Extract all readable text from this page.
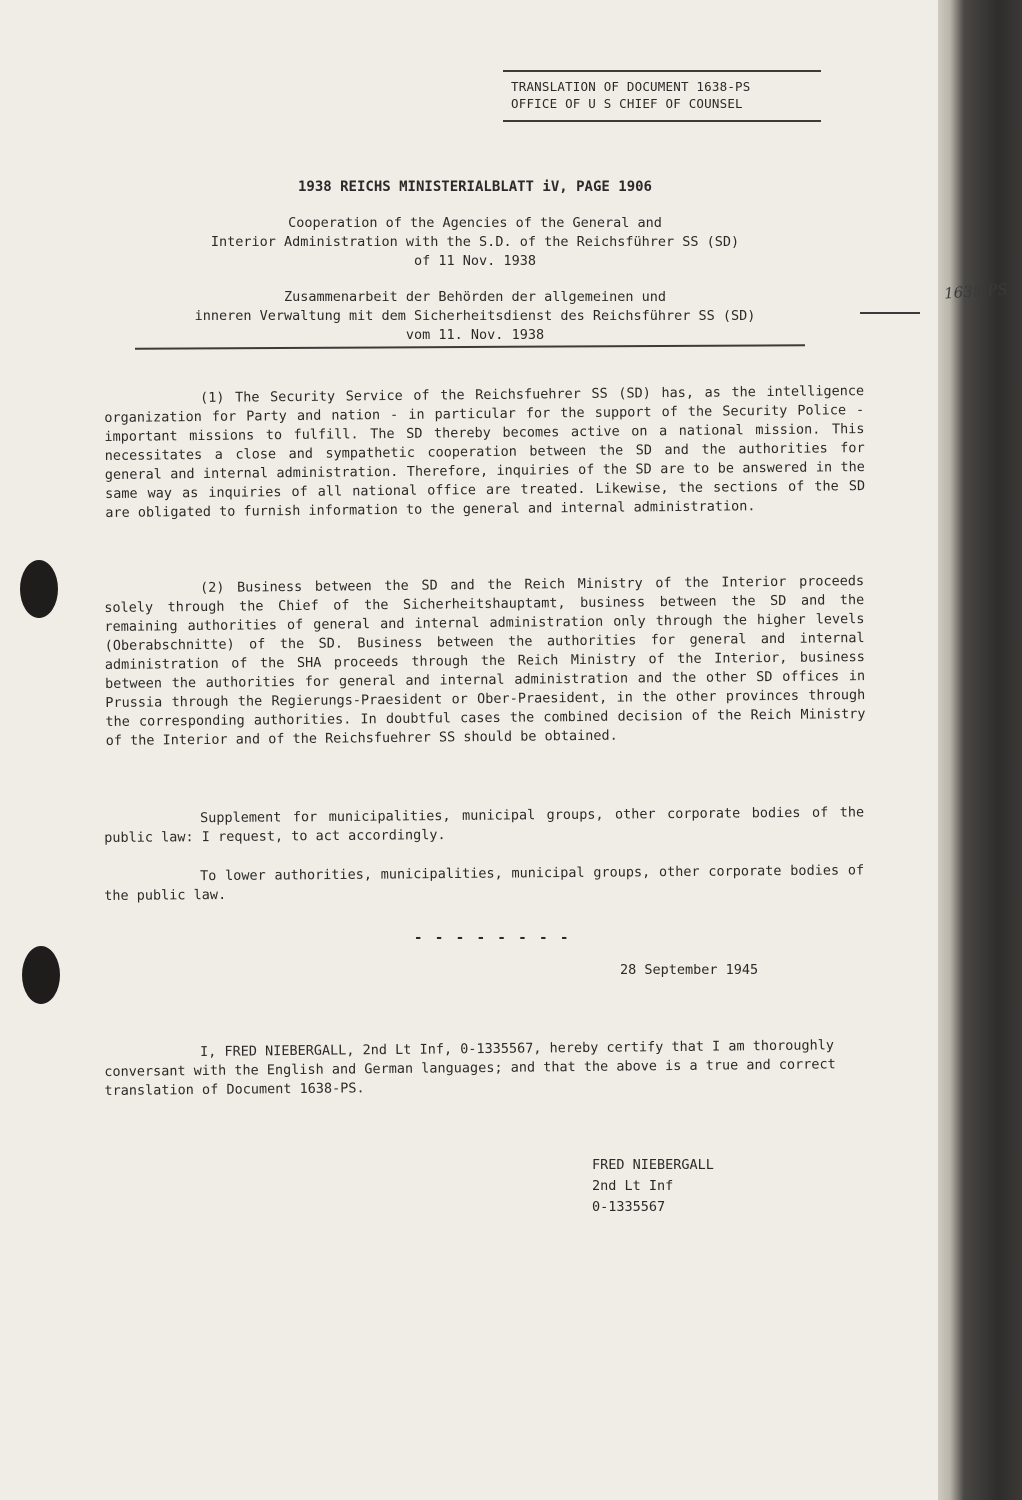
1638-PS
TRANSLATION OF DOCUMENT 1638-PS
OFFICE OF U S CHIEF OF COUNSEL
1938 REICHS MINISTERIALBLATT iV, PAGE 1906
Cooperation of the Agencies of the General and
Interior Administration with the S.D. of the Reichsführer SS (SD)
of 11 Nov. 1938
Zusammenarbeit der Behörden der allgemeinen und
inneren Verwaltung mit dem Sicherheitsdienst des Reichsführer SS (SD)
vom 11. Nov. 1938
(1) The Security Service of the Reichsfuehrer SS (SD) has, as the intelligence organization for Party and nation - in particular for the support of the Security Police - important missions to fulfill. The SD thereby becomes active on a national mission. This necessitates a close and sympathetic cooperation between the SD and the authorities for general and internal administration. Therefore, inquiries of the SD are to be answered in the same way as inquiries of all national office are treated. Likewise, the sections of the SD are obligated to furnish information to the general and internal administration.
(2) Business between the SD and the Reich Ministry of the Interior proceeds solely through the Chief of the Sicherheitshauptamt, business between the SD and the remaining authorities of general and internal administration only through the higher levels (Oberabschnitte) of the SD. Business between the authorities for general and internal administration of the SHA proceeds through the Reich Ministry of the Interior, business between the authorities for general and internal administration and the other SD offices in Prussia through the Regierungs-Praesident or Ober-Praesident, in the other provinces through the corresponding authorities. In doubtful cases the combined decision of the Reich Ministry of the Interior and of the Reichsfuehrer SS should be obtained.
Supplement for municipalities, municipal groups, other corporate bodies of the public law: I request, to act accordingly.
To lower authorities, municipalities, municipal groups, other corporate bodies of the public law.
- - - - - - - -
28 September 1945
I, FRED NIEBERGALL, 2nd Lt Inf, 0-1335567, hereby certify that I am thoroughly conversant with the English and German languages; and that the above is a true and correct translation of Document 1638-PS.
FRED NIEBERGALL
2nd Lt Inf
0-1335567
